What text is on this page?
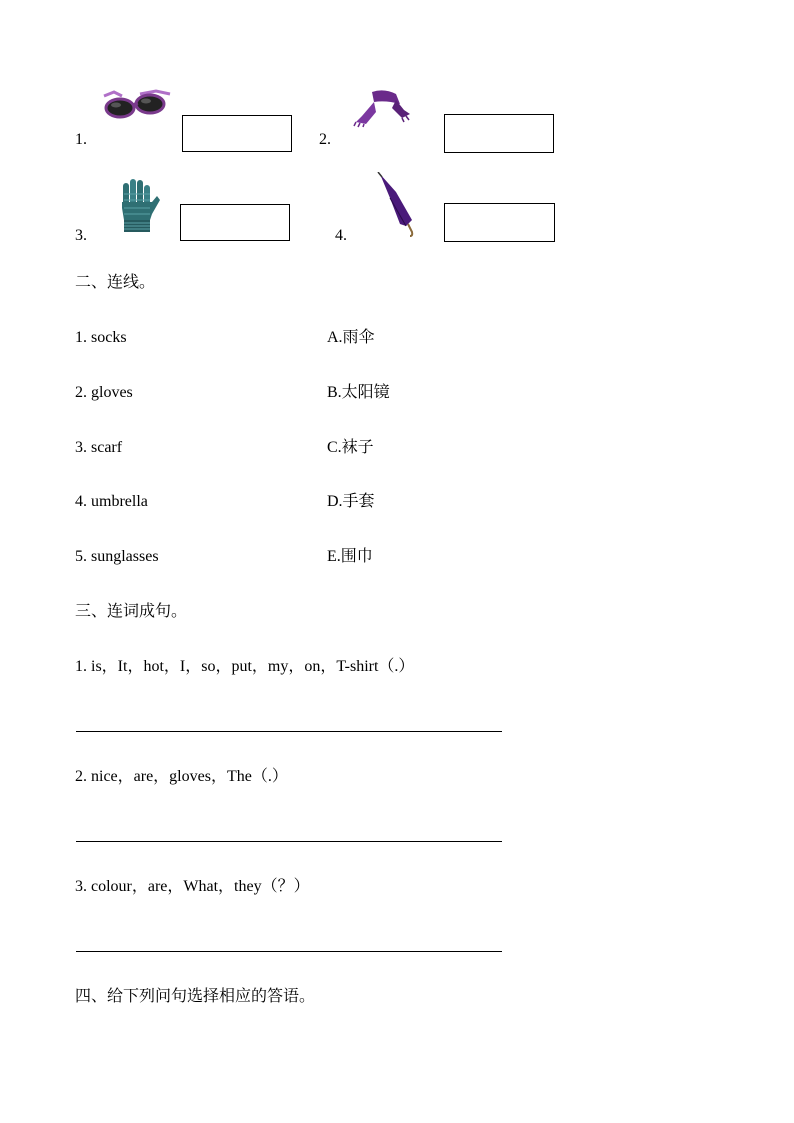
1.	2.
3.	4.
二、连线。
1. socks
2. gloves
3. scarf
4. umbrella
5. sunglasses
A.雨伞
B.太阳镜
C.袜子
D.手套
E.围巾
三、连词成句。
1. is，It，hot，I，so，put，my，on，T-shirt（.）
2. nice，are，gloves，The（.）
3. colour，are，What，they（？）
四、给下列问句选择相应的答语。
